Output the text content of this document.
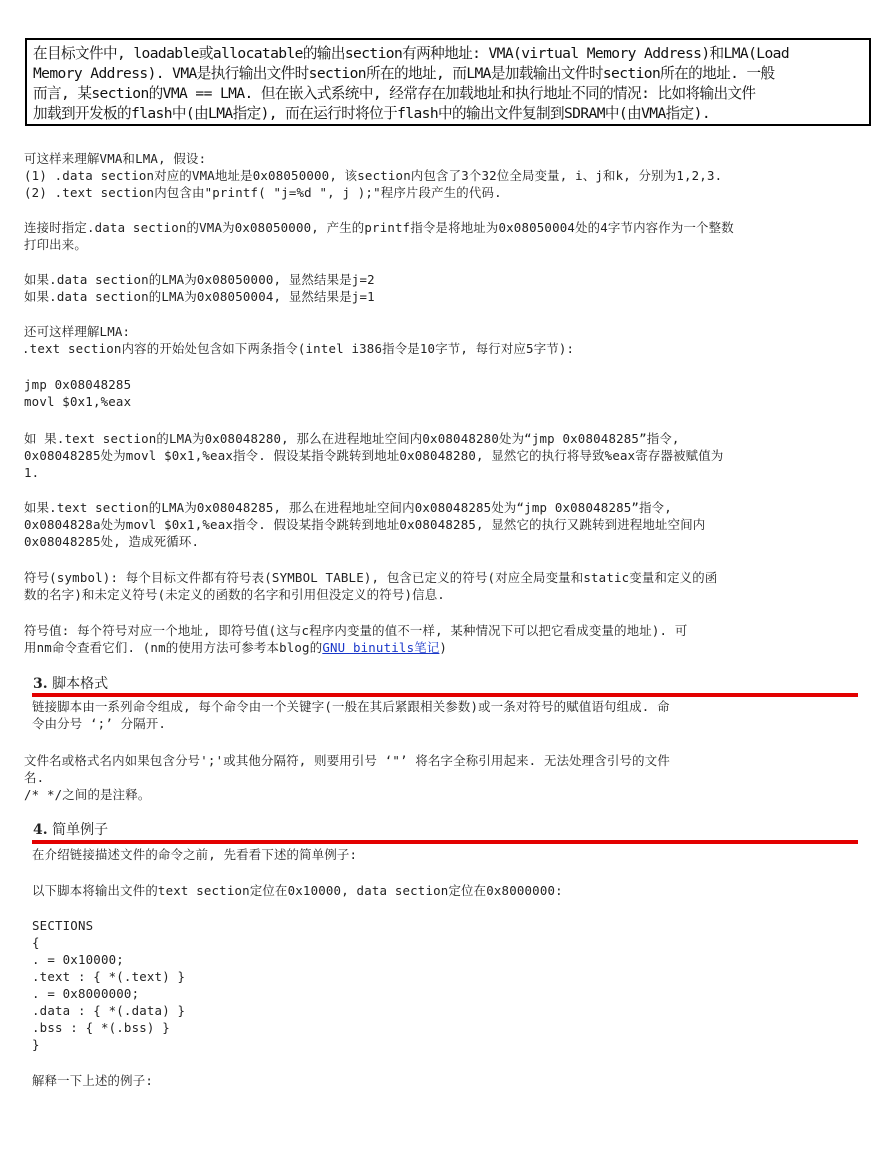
在目标文件中, loadable或allocatable的输出section有两种地址: VMA(virtual Memory Address)和LMA(Load
Memory Address). VMA是执行输出文件时section所在的地址, 而LMA是加载输出文件时section所在的地址. 一般
而言, 某section的VMA == LMA. 但在嵌入式系统中, 经常存在加载地址和执行地址不同的情况: 比如将输出文件
加载到开发板的flash中(由LMA指定), 而在运行时将位于flash中的输出文件复制到SDRAM中(由VMA指定).
可这样来理解VMA和LMA, 假设:
(1) .data section对应的VMA地址是0x08050000, 该section内包含了3个32位全局变量, i、j和k, 分别为1,2,3.
(2) .text section内包含由"printf( "j=%d ", j );"程序片段产生的代码.
连接时指定.data section的VMA为0x08050000, 产生的printf指令是将地址为0x08050004处的4字节内容作为一个整数
打印出来。
如果.data section的LMA为0x08050000, 显然结果是j=2
如果.data section的LMA为0x08050004, 显然结果是j=1
还可这样理解LMA:
.text section内容的开始处包含如下两条指令(intel i386指令是10字节, 每行对应5字节):
jmp 0x08048285
movl $0x1,%eax
如 果.text section的LMA为0x08048280, 那么在进程地址空间内0x08048280处为“jmp 0x08048285”指令,
0x08048285处为movl $0x1,%eax指令. 假设某指令跳转到地址0x08048280, 显然它的执行将导致%eax寄存器被赋值为
1.
如果.text section的LMA为0x08048285, 那么在进程地址空间内0x08048285处为“jmp 0x08048285”指令,
0x0804828a处为movl $0x1,%eax指令. 假设某指令跳转到地址0x08048285, 显然它的执行又跳转到进程地址空间内
0x08048285处, 造成死循环.
符号(symbol): 每个目标文件都有符号表(SYMBOL TABLE), 包含已定义的符号(对应全局变量和static变量和定义的函
数的名字)和未定义符号(未定义的函数的名字和引用但没定义的符号)信息.
符号值: 每个符号对应一个地址, 即符号值(这与c程序内变量的值不一样, 某种情况下可以把它看成变量的地址). 可
用nm命令查看它们. (nm的使用方法可参考本blog的GNU binutils笔记)
3. 脚本格式
链接脚本由一系列命令组成, 每个命令由一个关键字(一般在其后紧跟相关参数)或一条对符号的赋值语句组成. 命
令由分号 ‘;’ 分隔开.
文件名或格式名内如果包含分号';'或其他分隔符, 则要用引号 ‘"’ 将名字全称引用起来. 无法处理含引号的文件
名.
/* */之间的是注释。
4. 简单例子
在介绍链接描述文件的命令之前, 先看看下述的简单例子:
以下脚本将输出文件的text section定位在0x10000, data section定位在0x8000000:
SECTIONS
{
. = 0x10000;
.text : { *(.text) }
. = 0x8000000;
.data : { *(.data) }
.bss : { *(.bss) }
}
解释一下上述的例子:
